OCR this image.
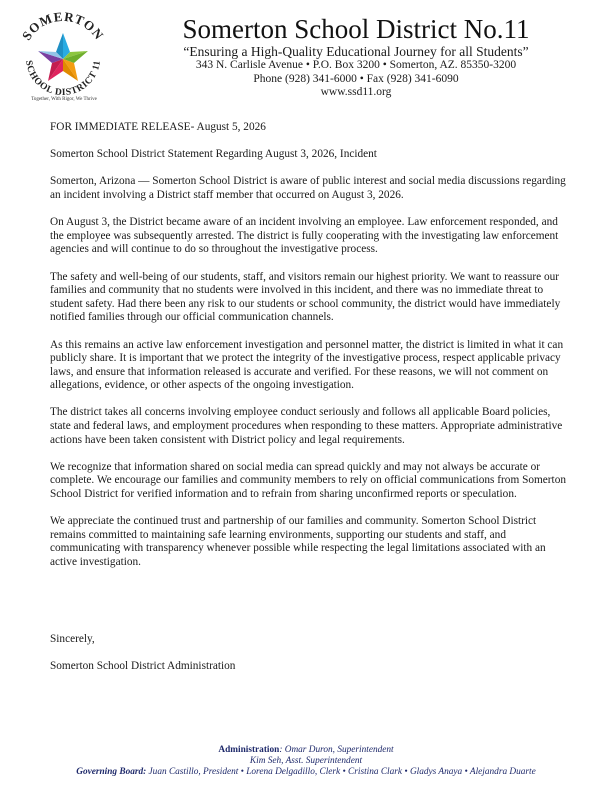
SOMERTON
SCHOOL DISTRICT 11
Together, With Rigor, We Thrive
Somerton School District No.11
“Ensuring a High-Quality Educational Journey for all Students”
343 N. Carlisle Avenue • P.O. Box 3200 • Somerton, AZ. 85350-3200
Phone (928) 341-6000 • Fax (928) 341-6090
www.ssd11.org

FOR IMMEDIATE RELEASE- August 5, 2026

Somerton School District Statement Regarding August 3, 2026, Incident

Somerton, Arizona — Somerton School District is aware of public interest and social media discussions regarding an incident involving a District staff member that occurred on August 3, 2026.

On August 3, the District became aware of an incident involving an employee. Law enforcement responded, and the employee was subsequently arrested. The district is fully cooperating with the investigating law enforcement agencies and will continue to do so throughout the investigative process.

The safety and well-being of our students, staff, and visitors remain our highest priority. We want to reassure our families and community that no students were involved in this incident, and there was no immediate threat to student safety. Had there been any risk to our students or school community, the district would have immediately notified families through our official communication channels.

As this remains an active law enforcement investigation and personnel matter, the district is limited in what it can publicly share. It is important that we protect the integrity of the investigative process, respect applicable privacy laws, and ensure that information released is accurate and verified. For these reasons, we will not comment on allegations, evidence, or other aspects of the ongoing investigation.

The district takes all concerns involving employee conduct seriously and follows all applicable Board policies, state and federal laws, and employment procedures when responding to these matters. Appropriate administrative actions have been taken consistent with District policy and legal requirements.

We recognize that information shared on social media can spread quickly and may not always be accurate or complete. We encourage our families and community members to rely on official communications from Somerton School District for verified information and to refrain from sharing unconfirmed reports or speculation.

We appreciate the continued trust and partnership of our families and community. Somerton School District remains committed to maintaining safe learning environments, supporting our students and staff, and communicating with transparency whenever possible while respecting the legal limitations associated with an active investigation.

Sincerely,
Somerton School District Administration
Administration: Omar Duron, Superintendent
Kim Seh, Asst. Superintendent
Governing Board: Juan Castillo, President • Lorena Delgadillo, Clerk • Cristina Clark • Gladys Anaya • Alejandra Duarte
